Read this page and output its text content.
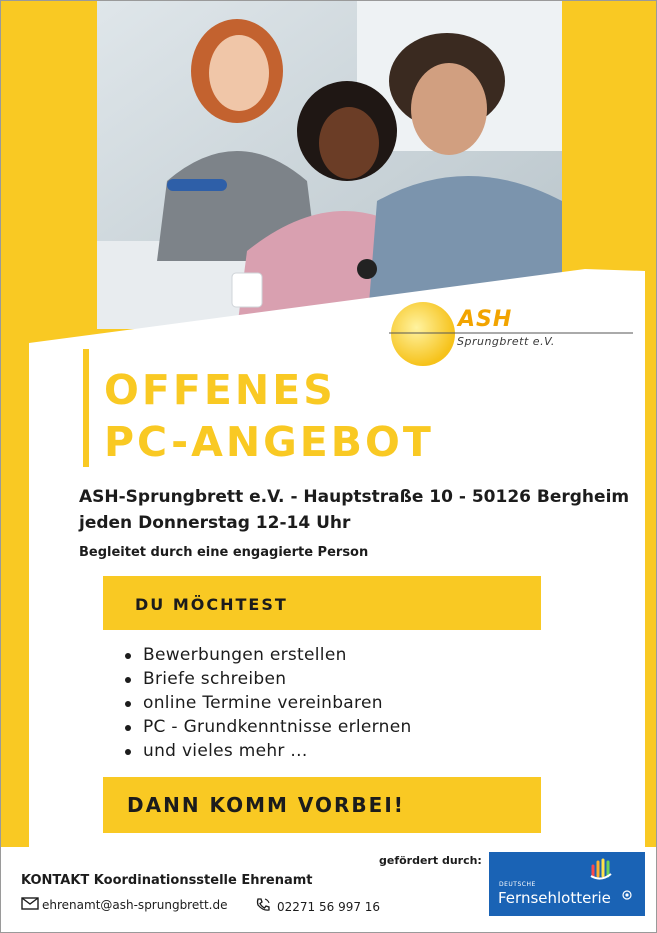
ASH
Sprungbrett e.V.
OFFENES
PC-ANGEBOT
ASH-Sprungbrett e.V. - Hauptstraße 10 - 50126 Bergheim
jeden Donnerstag 12-14 Uhr
Begleitet durch eine engagierte Person
DU MÖCHTEST
Bewerbungen erstellen
Briefe schreiben
online Termine vereinbaren
PC - Grundkenntnisse erlernen
und vieles mehr ...
DANN KOMM VORBEI!
KONTAKT Koordinationsstelle Ehrenamt
ehrenamt@ash-sprungbrett.de	02271 56 997 16
gefördert durch:
DEUTSCHE
Fernsehlotterie
